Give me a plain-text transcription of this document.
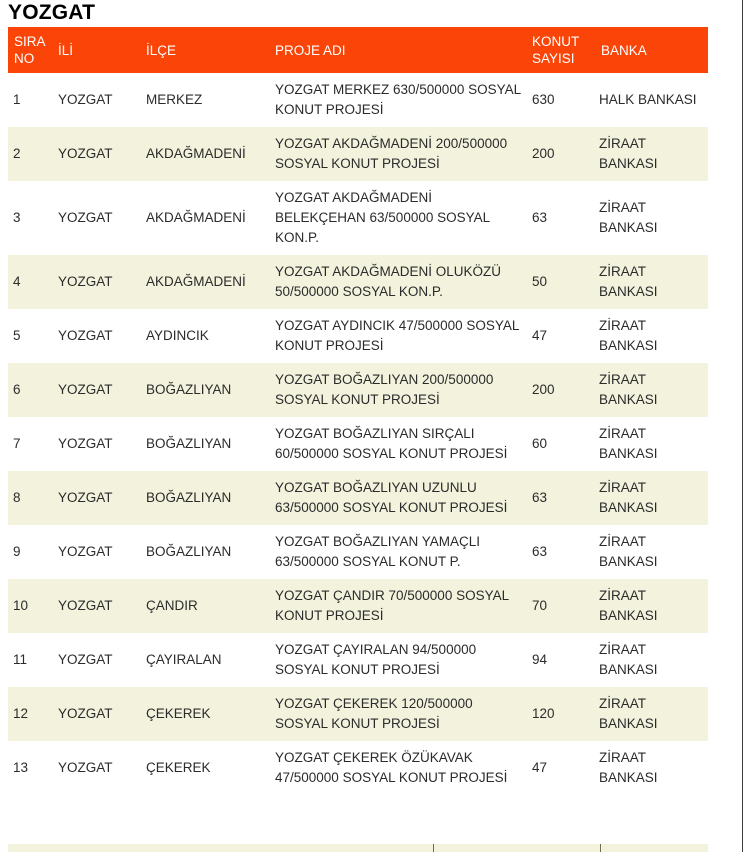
YOZGAT
SIRA NO	İLİ	İLÇE	PROJE ADI	KONUT SAYISI	BANKA
1	YOZGAT	MERKEZ	YOZGAT MERKEZ 630/500000 SOSYAL KONUT PROJESİ	630	HALK BANKASI
2	YOZGAT	AKDAĞMADENİ	YOZGAT AKDAĞMADENİ 200/500000 SOSYAL KONUT PROJESİ	200	ZİRAAT BANKASI
3	YOZGAT	AKDAĞMADENİ	YOZGAT AKDAĞMADENİ BELEKÇEHAN 63/500000 SOSYAL KON.P.	63	ZİRAAT BANKASI
4	YOZGAT	AKDAĞMADENİ	YOZGAT AKDAĞMADENİ OLUKÖZÜ 50/500000 SOSYAL KON.P.	50	ZİRAAT BANKASI
5	YOZGAT	AYDINCIK	YOZGAT AYDINCIK 47/500000 SOSYAL KONUT PROJESİ	47	ZİRAAT BANKASI
6	YOZGAT	BOĞAZLIYAN	YOZGAT BOĞAZLIYAN 200/500000 SOSYAL KONUT PROJESİ	200	ZİRAAT BANKASI
7	YOZGAT	BOĞAZLIYAN	YOZGAT BOĞAZLIYAN SIRÇALI 60/500000 SOSYAL KONUT PROJESİ	60	ZİRAAT BANKASI
8	YOZGAT	BOĞAZLIYAN	YOZGAT BOĞAZLIYAN UZUNLU 63/500000 SOSYAL KONUT PROJESİ	63	ZİRAAT BANKASI
9	YOZGAT	BOĞAZLIYAN	YOZGAT BOĞAZLIYAN YAMAÇLI 63/500000 SOSYAL KONUT P.	63	ZİRAAT BANKASI
10	YOZGAT	ÇANDIR	YOZGAT ÇANDIR 70/500000 SOSYAL KONUT PROJESİ	70	ZİRAAT BANKASI
11	YOZGAT	ÇAYIRALAN	YOZGAT ÇAYIRALAN 94/500000 SOSYAL KONUT PROJESİ	94	ZİRAAT BANKASI
12	YOZGAT	ÇEKEREK	YOZGAT ÇEKEREK 120/500000 SOSYAL KONUT PROJESİ	120	ZİRAAT BANKASI
13	YOZGAT	ÇEKEREK	YOZGAT ÇEKEREK ÖZÜKAVAK 47/500000 SOSYAL KONUT PROJESİ	47	ZİRAAT BANKASI
